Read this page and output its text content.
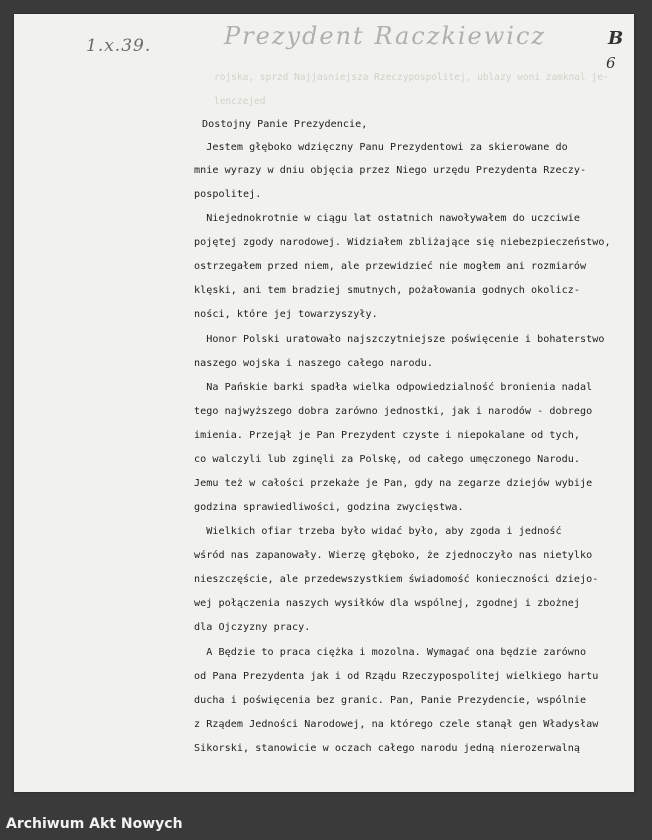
rojska, sprzd Najjasniejsza Rzeczypospolitej, ublazy woni zamknal je-
lenczejed
1.x.39.	Prezydent Raczkiewicz	B
6
Dostojny Panie Prezydencie,
Jestem głęboko wdzięczny Panu Prezydentowi za skierowane do
mnie wyrazy w dniu objęcia przez Niego urzędu Prezydenta Rzeczy-
pospolitej.
Niejednokrotnie w ciągu lat ostatnich nawoływałem do uczciwie
pojętej zgody narodowej. Widziałem zbliżające się niebezpieczeństwo,
ostrzegałem przed niem, ale przewidzieć nie mogłem ani rozmiarów
klęski, ani tem bradziej smutnych, pożałowania godnych okolicz-
ności, które jej towarzyszyły.
Honor Polski uratowało najszczytniejsze poświęcenie i bohaterstwo
naszego wojska i naszego całego narodu.
Na Pańskie barki spadła wielka odpowiedzialność bronienia nadal
tego najwyższego dobra zarówno jednostki, jak i narodów - dobrego
imienia. Przejął je Pan Prezydent czyste i niepokalane od tych,
co walczyli lub zginęli za Polskę, od całego umęczonego Narodu.
Jemu też w całości przekaże je Pan, gdy na zegarze dziejów wybije
godzina sprawiedliwości, godzina zwycięstwa.
Wielkich ofiar trzeba było widać było, aby zgoda i jedność
wśród nas zapanowały. Wierzę głęboko, że zjednoczyło nas nietylko
nieszczęście, ale przedewszystkiem świadomość konieczności dziejo-
wej połączenia naszych wysiłków dla wspólnej, zgodnej i zbożnej
dla Ojczyzny pracy.
A Będzie to praca ciężka i mozolna. Wymagać ona będzie zarówno
od Pana Prezydenta jak i od Rządu Rzeczypospolitej wielkiego hartu
ducha i poświęcenia bez granic. Pan, Panie Prezydencie, wspólnie
z Rządem Jedności Narodowej, na którego czele stanął gen Władysław
Sikorski, stanowicie w oczach całego narodu jedną nierozerwalną
Archiwum Akt Nowych
